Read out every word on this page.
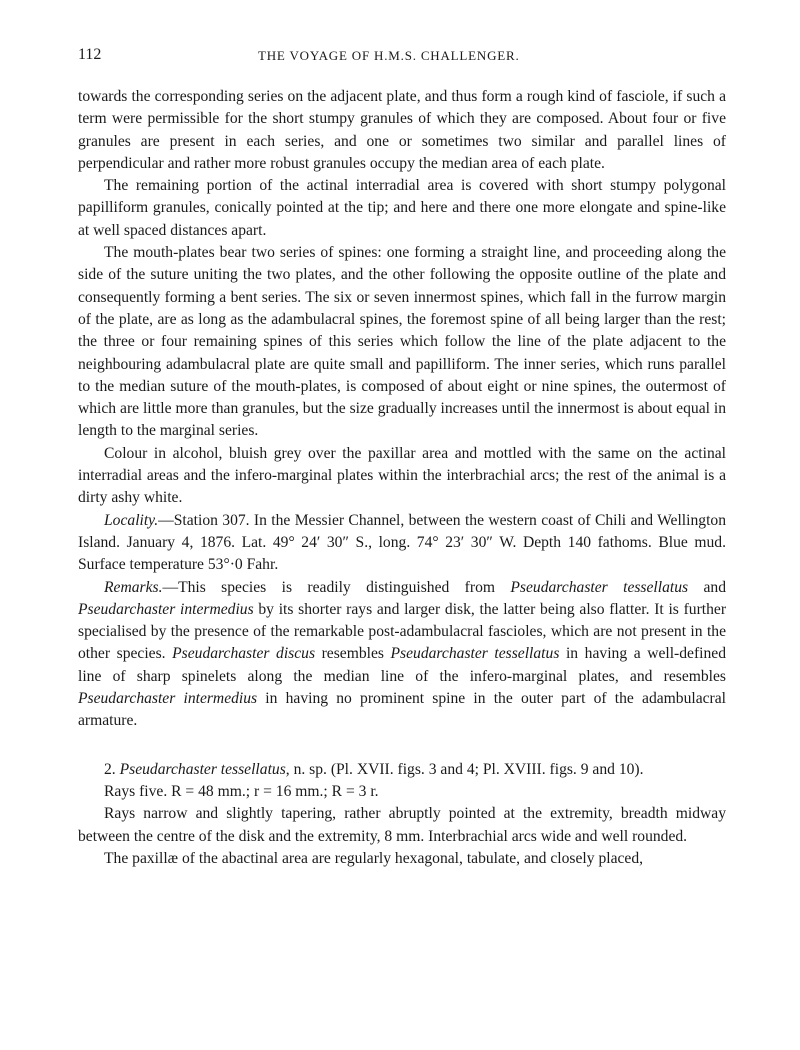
112	THE VOYAGE OF H.M.S. CHALLENGER.

towards the corresponding series on the adjacent plate, and thus form a rough kind of fasciole, if such a term were permissible for the short stumpy granules of which they are composed. About four or five granules are present in each series, and one or sometimes two similar and parallel lines of perpendicular and rather more robust granules occupy the median area of each plate.

The remaining portion of the actinal interradial area is covered with short stumpy polygonal papilliform granules, conically pointed at the tip; and here and there one more elongate and spine-like at well spaced distances apart.

The mouth-plates bear two series of spines: one forming a straight line, and proceeding along the side of the suture uniting the two plates, and the other following the opposite outline of the plate and consequently forming a bent series. The six or seven innermost spines, which fall in the furrow margin of the plate, are as long as the adambulacral spines, the foremost spine of all being larger than the rest; the three or four remaining spines of this series which follow the line of the plate adjacent to the neighbouring adambulacral plate are quite small and papilliform. The inner series, which runs parallel to the median suture of the mouth-plates, is composed of about eight or nine spines, the outermost of which are little more than granules, but the size gradually increases until the innermost is about equal in length to the marginal series.

Colour in alcohol, bluish grey over the paxillar area and mottled with the same on the actinal interradial areas and the infero-marginal plates within the interbrachial arcs; the rest of the animal is a dirty ashy white.

Locality.—Station 307. In the Messier Channel, between the western coast of Chili and Wellington Island. January 4, 1876. Lat. 49° 24′ 30″ S., long. 74° 23′ 30″ W. Depth 140 fathoms. Blue mud. Surface temperature 53°·0 Fahr.

Remarks.—This species is readily distinguished from Pseudarchaster tessellatus and Pseudarchaster intermedius by its shorter rays and larger disk, the latter being also flatter. It is further specialised by the presence of the remarkable post-adambulacral fascioles, which are not present in the other species. Pseudarchaster discus resembles Pseudarchaster tessellatus in having a well-defined line of sharp spinelets along the median line of the infero-marginal plates, and resembles Pseudarchaster intermedius in having no prominent spine in the outer part of the adambulacral armature.

2. Pseudarchaster tessellatus, n. sp. (Pl. XVII. figs. 3 and 4; Pl. XVIII. figs. 9 and 10).

Rays five. R = 48 mm.; r = 16 mm.; R = 3 r.

Rays narrow and slightly tapering, rather abruptly pointed at the extremity, breadth midway between the centre of the disk and the extremity, 8 mm. Interbrachial arcs wide and well rounded.

The paxillæ of the abactinal area are regularly hexagonal, tabulate, and closely placed,
